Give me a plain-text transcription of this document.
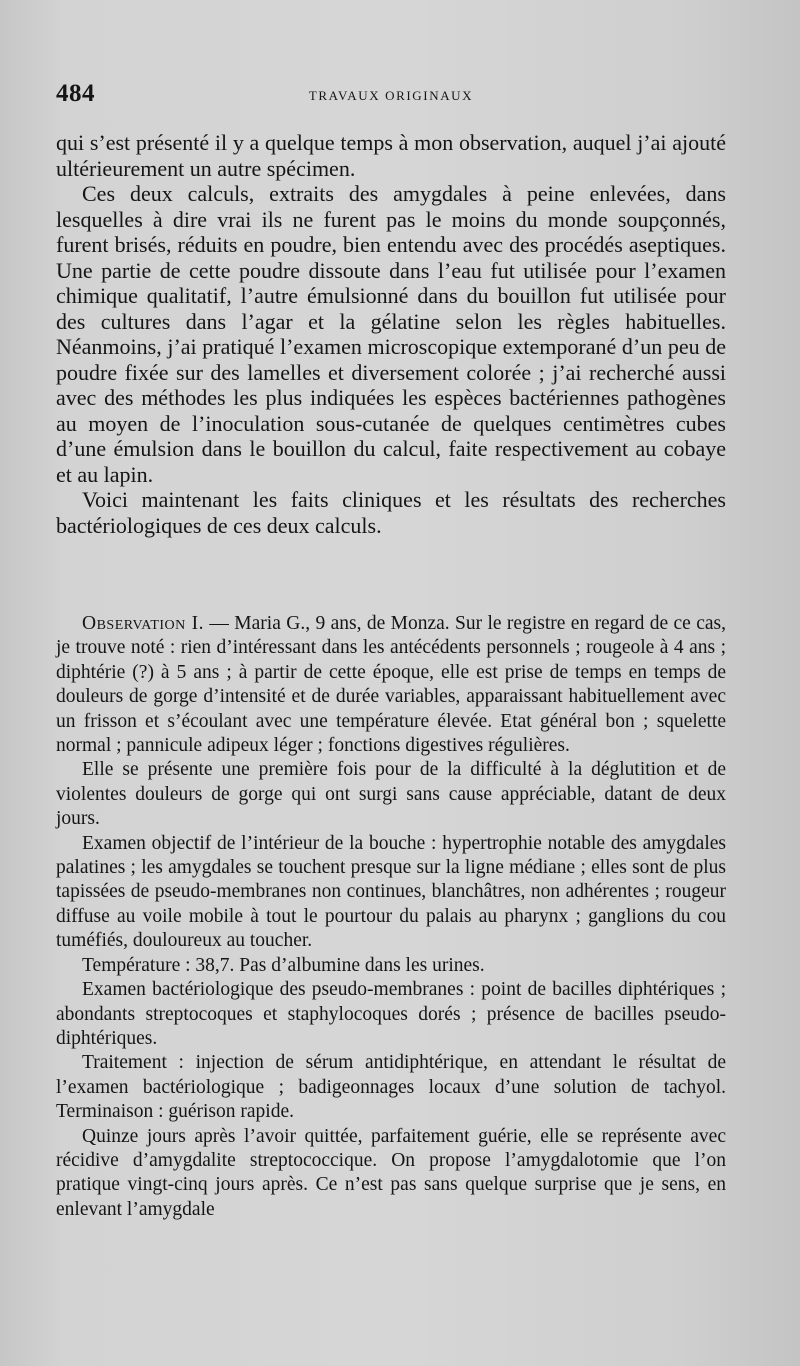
484	TRAVAUX ORIGINAUX

qui s’est présenté il y a quelque temps à mon observation, auquel j’ai ajouté ultérieurement un autre spécimen.

Ces deux calculs, extraits des amygdales à peine enlevées, dans lesquelles à dire vrai ils ne furent pas le moins du monde soupçonnés, furent brisés, réduits en poudre, bien entendu avec des procédés aseptiques. Une partie de cette poudre dissoute dans l’eau fut utilisée pour l’examen chimique qualitatif, l’autre émulsionné dans du bouillon fut utilisée pour des cultures dans l’agar et la gélatine selon les règles habituelles. Néanmoins, j’ai pratiqué l’examen microscopique extemporané d’un peu de poudre fixée sur des lamelles et diversement colorée ; j’ai recherché aussi avec des méthodes les plus indiquées les espèces bactériennes pathogènes au moyen de l’inoculation sous-cutanée de quelques centimètres cubes d’une émulsion dans le bouillon du calcul, faite respectivement au cobaye et au lapin.

Voici maintenant les faits cliniques et les résultats des recherches bactériologiques de ces deux calculs.

Observation I. — Maria G., 9 ans, de Monza. Sur le registre en regard de ce cas, je trouve noté : rien d’intéressant dans les antécédents personnels ; rougeole à 4 ans ; diphtérie (?) à 5 ans ; à partir de cette époque, elle est prise de temps en temps de douleurs de gorge d’intensité et de durée variables, apparaissant habituellement avec un frisson et s’écoulant avec une température élevée. Etat général bon ; squelette normal ; pannicule adipeux léger ; fonctions digestives régulières.

Elle se présente une première fois pour de la difficulté à la déglutition et de violentes douleurs de gorge qui ont surgi sans cause appréciable, datant de deux jours.

Examen objectif de l’intérieur de la bouche : hypertrophie notable des amygdales palatines ; les amygdales se touchent presque sur la ligne médiane ; elles sont de plus tapissées de pseudo-membranes non continues, blanchâtres, non adhérentes ; rougeur diffuse au voile mobile à tout le pourtour du palais au pharynx ; ganglions du cou tuméfiés, douloureux au toucher.

Température : 38,7. Pas d’albumine dans les urines.

Examen bactériologique des pseudo-membranes : point de bacilles diphtériques ; abondants streptocoques et staphylocoques dorés ; présence de bacilles pseudo-diphtériques.

Traitement : injection de sérum antidiphtérique, en attendant le résultat de l’examen bactériologique ; badigeonnages locaux d’une solution de tachyol. Terminaison : guérison rapide.

Quinze jours après l’avoir quittée, parfaitement guérie, elle se représente avec récidive d’amygdalite streptococcique. On propose l’amygdalotomie que l’on pratique vingt-cinq jours après. Ce n’est pas sans quelque surprise que je sens, en enlevant l’amygdale
